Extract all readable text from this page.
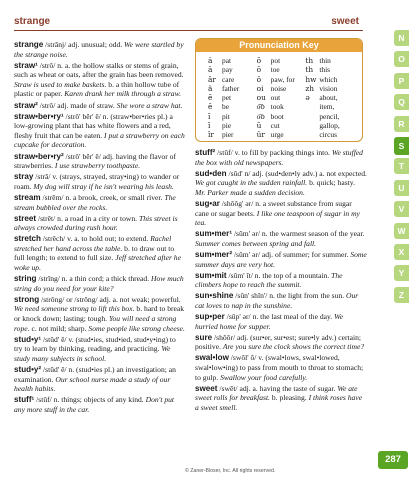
strange	sweet
strange /strānj/ adj. unusual; odd. We were startled by the strange noise.
straw¹ /strô/ n. a. the hollow stalks or stems of grain, such as wheat or oats, after the grain has been removed. Straw is used to make baskets. b. a thin hollow tube of plastic or paper. Karen drank her milk through a straw.
straw² /strô/ adj. made of straw. She wore a straw hat.
straw•ber•ry¹ /strô' bĕr' ē/ n. (straw•ber•ries pl.) a low-growing plant that has white flowers and a red, fleshy fruit that can be eaten. I put a strawberry on each cupcake for decoration.
straw•ber•ry² /strô' bĕr' ē/ adj. having the flavor of strawberries. I use strawberry toothpaste.
stray /strā/ v. (strays, strayed, stray•ing) to wander or roam. My dog will stray if he isn't wearing his leash.
stream /strēm/ n. a brook, creek, or small river. The stream bubbled over the rocks.
street /strēt/ n. a road in a city or town. This street is always crowded during rush hour.
stretch /strĕch/ v. a. to hold out; to extend. Rachel stretched her hand across the table. b. to draw out to full length; to extend to full size. Jeff stretched after he woke up.
string /strĭng/ n. a thin cord; a thick thread. How much string do you need for your kite?
strong /strông/ or /strŏng/ adj. a. not weak; powerful. We need someone strong to lift this box. b. hard to break or knock down; lasting; tough. You will need a strong rope. c. not mild; sharp. Some people like strong cheese.
stud•y¹ /stŭd' ē/ v. (stud•ies, stud•ied, stud•y•ing) to try to learn by thinking, reading, and practicing. We study many subjects in school.
stud•y² /stŭd' ē/ n. (stud•ies pl.) an investigation; an examination. Our school nurse made a study of our health habits.
stuff¹ /stŭf/ n. things; objects of any kind. Don't put any more stuff in the car.
Pronunciation Key
ă pat
ā pay
âr care
ä father
ĕ pet
ē be
ĭ pit
ī pie
îr pier
ŏ pot
ō toe
ô paw, for
oi noise
ou out
o͝o took
o͞o boot
ŭ cut
ûr urge
th thin
th this
hw which
zh vision
ə about,
item,
pencil,
gallop,
circus
stuff² /stŭf/ v. to fill by packing things into. We stuffed the box with old newspapers.
sud•den /sŭd' n/ adj. (sud•den•ly adv.) a. not expected. We got caught in the sudden rainfall. b. quick; hasty. Mr. Parker made a sudden decision.
sug•ar /shŏŏg' ər/ n. a sweet substance from sugar cane or sugar beets. I like one teaspoon of sugar in my tea.
sum•mer¹ /sŭm' ər/ n. the warmest season of the year. Summer comes between spring and fall.
sum•mer² /sŭm' ər/ adj. of summer; for summer. Some summer days are very hot.
sum•mit /sŭm' ĭt/ n. the top of a mountain. The climbers hope to reach the summit.
sun•shine /sŭn' shīn'/ n. the light from the sun. Our cat loves to nap in the sunshine.
sup•per /sŭp' ər/ n. the last meal of the day. We hurried home for supper.
sure /shŏŏr/ adj. (sur•er, sur•est; sure•ly adv.) certain; positive. Are you sure the clock shows the correct time?
swal•low /swŏl' ō/ v. (swal•lows, swal•lowed, swal•low•ing) to pass from mouth to throat to stomach; to gulp. Swallow your food carefully.
sweet /swēt/ adj. a. having the taste of sugar. We ate sweet rolls for breakfast. b. pleasing. I think roses have a sweet smell.
N
O
P
Q
R
S
T
U
V
W
X
Y
Z
© Zaner-Bloser, Inc. All rights reserved.
287
